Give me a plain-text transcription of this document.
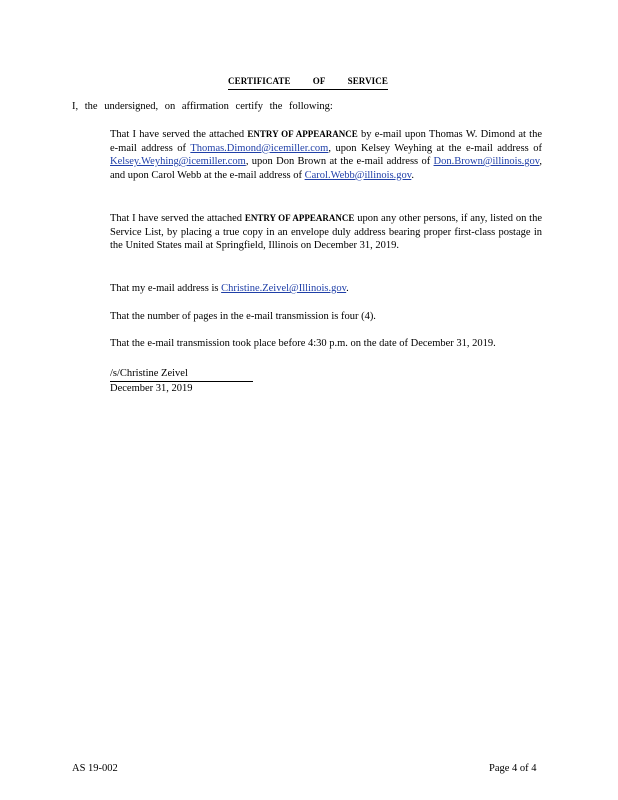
CERTIFICATE OF SERVICE
I, the undersigned, on affirmation certify the following:
That I have served the attached ENTRY OF APPEARANCE by e-mail upon Thomas W. Dimond at the e-mail address of Thomas.Dimond@icemiller.com, upon Kelsey Weyhing at the e-mail address of Kelsey.Weyhing@icemiller.com, upon Don Brown at the e-mail address of Don.Brown@illinois.gov, and upon Carol Webb at the e-mail address of Carol.Webb@illinois.gov.
That I have served the attached ENTRY OF APPEARANCE upon any other persons, if any, listed on the Service List, by placing a true copy in an envelope duly address bearing proper first-class postage in the United States mail at Springfield, Illinois on December 31, 2019.
That my e-mail address is Christine.Zeivel@Illinois.gov.
That the number of pages in the e-mail transmission is four (4).
That the e-mail transmission took place before 4:30 p.m. on the date of December 31, 2019.
/s/Christine Zeivel
December 31, 2019
AS 19-002	Page 4 of 4
